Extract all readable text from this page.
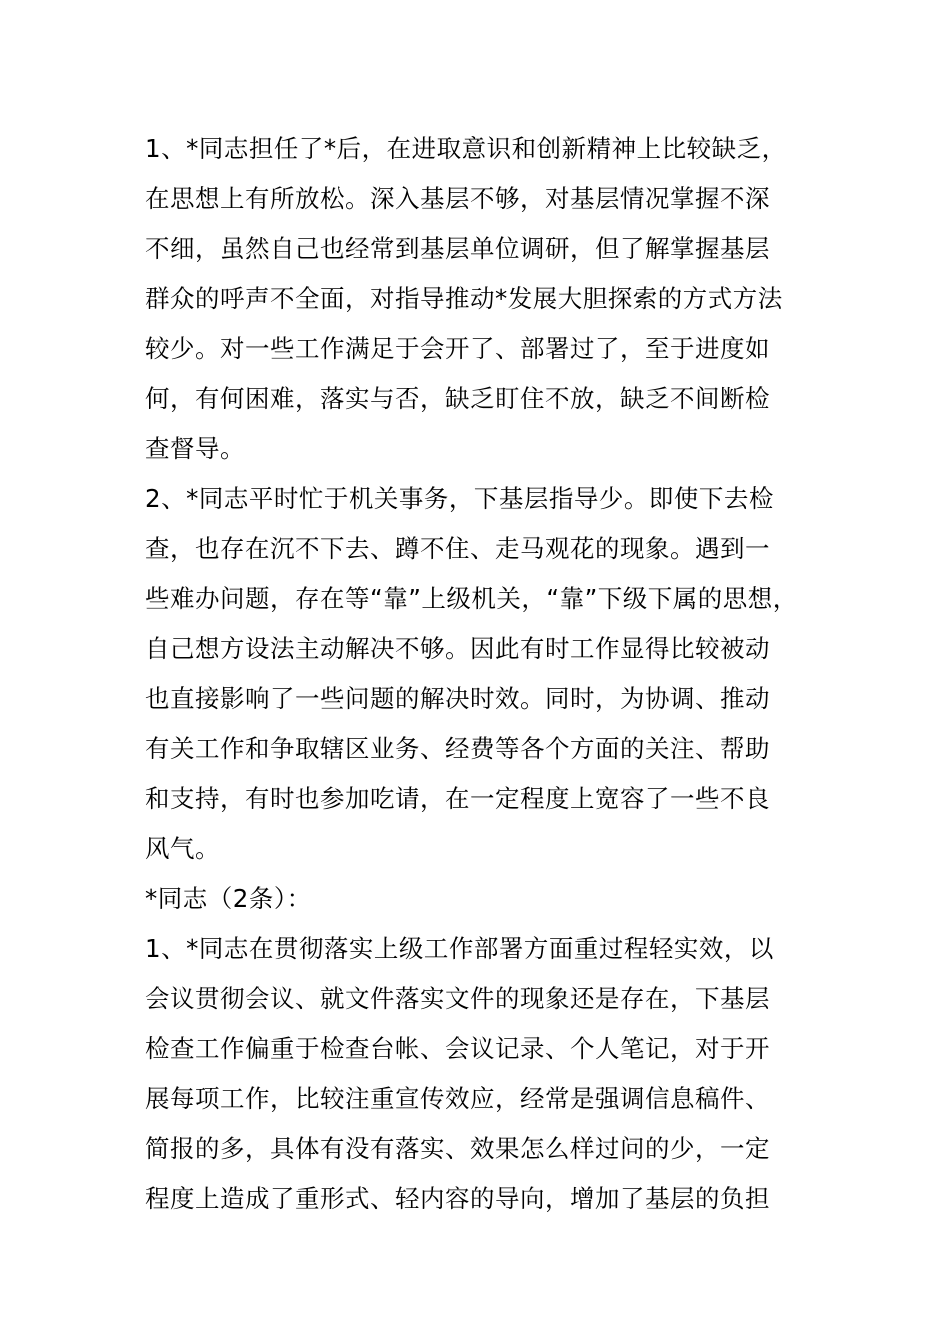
1、*同志担任了*后，在进取意识和创新精神上比较缺乏，
在思想上有所放松。深入基层不够，对基层情况掌握不深
不细，虽然自己也经常到基层单位调研，但了解掌握基层
群众的呼声不全面，对指导推动*发展大胆探索的方式方法
较少。对一些工作满足于会开了、部署过了，至于进度如
何，有何困难，落实与否，缺乏盯住不放，缺乏不间断检
查督导。
2、*同志平时忙于机关事务，下基层指导少。即使下去检
查，也存在沉不下去、蹲不住、走马观花的现象。遇到一
些难办问题，存在等“靠”上级机关，“靠”下级下属的思想，
自己想方设法主动解决不够。因此有时工作显得比较被动
也直接影响了一些问题的解决时效。同时，为协调、推动
有关工作和争取辖区业务、经费等各个方面的关注、帮助
和支持，有时也参加吃请，在一定程度上宽容了一些不良
风气。
*同志（2条）：
1、*同志在贯彻落实上级工作部署方面重过程轻实效，以
会议贯彻会议、就文件落实文件的现象还是存在，下基层
检查工作偏重于检查台帐、会议记录、个人笔记，对于开
展每项工作，比较注重宣传效应，经常是强调信息稿件、
简报的多，具体有没有落实、效果怎么样过问的少，一定
程度上造成了重形式、轻内容的导向，增加了基层的负担
